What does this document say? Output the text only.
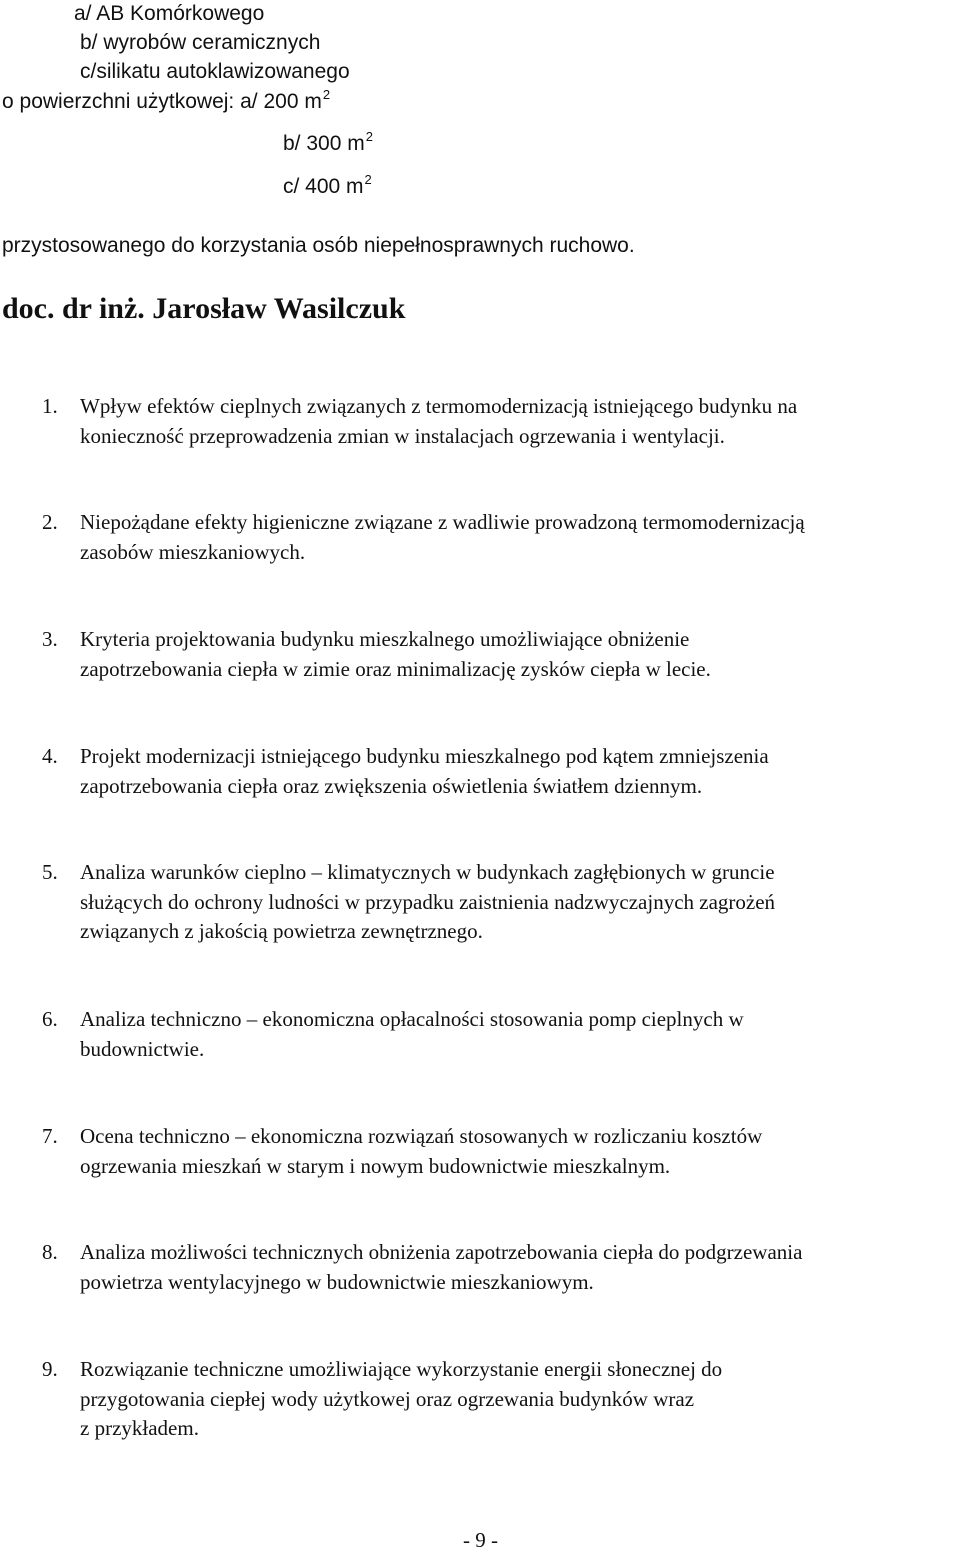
a/ AB Komórkowego
b/ wyrobów ceramicznych
c/silikatu autoklawizowanego
o powierzchni użytkowej: a/ 200 $m^2$
b/ 300 $m^2$
c/ 400 $m^2$
przystosowanego do korzystania osób niepełnosprawnych ruchowo.
doc. dr inż. Jarosław Wasilczuk
1. Wpływ efektów cieplnych związanych z termomodernizacją istniejącego budynku na
konieczność przeprowadzenia zmian w instalacjach ogrzewania i wentylacji.
2. Niepożądane efekty higieniczne związane z wadliwie prowadzoną termomodernizacją
zasobów mieszkaniowych.
3. Kryteria projektowania budynku mieszkalnego umożliwiające obniżenie
zapotrzebowania ciepła w zimie oraz minimalizację zysków ciepła w lecie.
4. Projekt modernizacji istniejącego budynku mieszkalnego pod kątem zmniejszenia
zapotrzebowania ciepła oraz zwiększenia oświetlenia światłem dziennym.
5. Analiza warunków cieplno – klimatycznych w budynkach zagłębionych w gruncie
służących do ochrony ludności w przypadku zaistnienia nadzwyczajnych zagrożeń
związanych z jakością powietrza zewnętrznego.
6. Analiza techniczno – ekonomiczna opłacalności stosowania pomp cieplnych w
budownictwie.
7. Ocena techniczno – ekonomiczna rozwiązań stosowanych w rozliczaniu kosztów
ogrzewania mieszkań w starym i nowym budownictwie mieszkalnym.
8. Analiza możliwości technicznych obniżenia zapotrzebowania ciepła do podgrzewania
powietrza wentylacyjnego w budownictwie mieszkaniowym.
9. Rozwiązanie techniczne umożliwiające wykorzystanie energii słonecznej do
przygotowania ciepłej wody użytkowej oraz ogrzewania budynków wraz
z przykładem.
- 9 -
